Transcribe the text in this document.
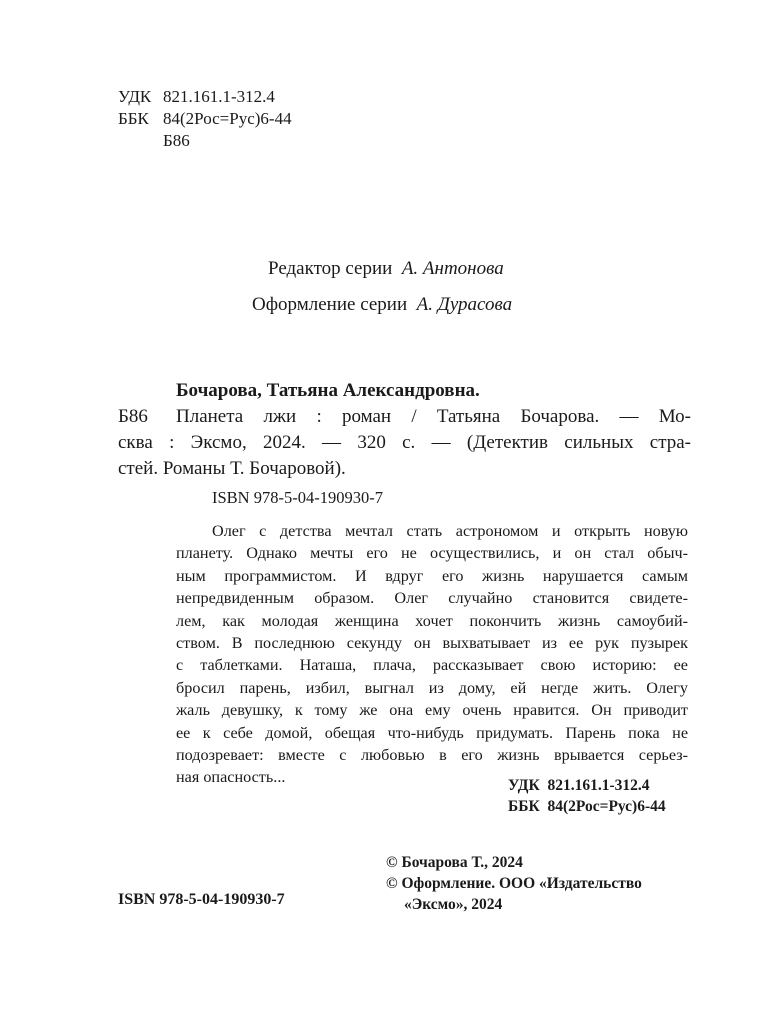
УДК 821.161.1-312.4
ББК 84(2Рос=Рус)6-44
Б86
Редактор серии А. Антонова
Оформление серии А. Дурасова
Бочарова, Татьяна Александровна.
Б86 Планета лжи : роман / Татьяна Бочарова. — Мо-
сква : Эксмо, 2024. — 320 с. — (Детектив сильных стра-
стей. Романы Т. Бочаровой).
ISBN 978-5-04-190930-7
Олег с детства мечтал стать астрономом и открыть новую
планету. Однако мечты его не осуществились, и он стал обыч-
ным программистом. И вдруг его жизнь нарушается самым
непредвиденным образом. Олег случайно становится свидете-
лем, как молодая женщина хочет покончить жизнь самоубий-
ством. В последнюю секунду он выхватывает из ее рук пузырек
с таблетками. Наташа, плача, рассказывает свою историю: ее
бросил парень, избил, выгнал из дому, ей негде жить. Олегу
жаль девушку, к тому же она ему очень нравится. Он приводит
ее к себе домой, обещая что-нибудь придумать. Парень пока не
подозревает: вместе с любовью в его жизнь врывается серьез-
ная опасность...	УДК  821.161.1-312.4
ББК  84(2Рос=Рус)6-44
© Бочарова Т., 2024
© Оформление. ООО «Издательство
«Эксмо», 2024
ISBN 978-5-04-190930-7
